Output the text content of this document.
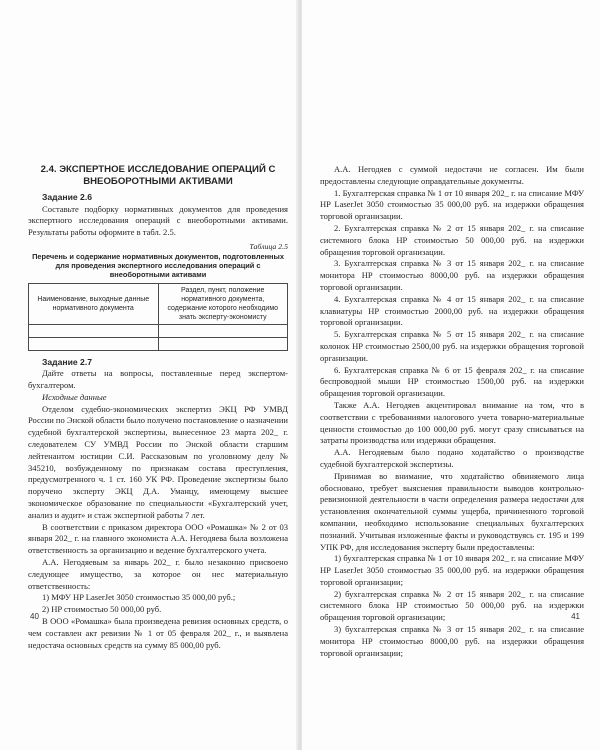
2.4. ЭКСПЕРТНОЕ ИССЛЕДОВАНИЕ ОПЕРАЦИЙ С ВНЕОБОРОТНЫМИ АКТИВАМИ
Задание 2.6

Составьте подборку нормативных документов для проведения экспертного исследования операций с внеоборотными активами. Результаты работы оформите в табл. 2.5.

Таблица 2.5
Перечень и содержание нормативных документов, подготовленных для проведения экспертного исследования операций с внеоборотными активами
Наименование, выходные данные нормативного документа	Раздел, пункт, положение нормативного документа, содержание которого необходимо знать эксперту-экономисту

Задание 2.7

Дайте ответы на вопросы, поставленные перед экспертом-бухгалтером.

Исходные данные

Отделом судебно-экономических экспертиз ЭКЦ РФ УМВД России по Энской области было получено постановление о назначении судебной бухгалтерской экспертизы, вынесенное 23 марта 202_ г. следователем СУ УМВД России по Энской области старшим лейтенантом юстиции С.И. Рассказовым по уголовному делу № 345210, возбужденному по признакам состава преступления, предусмотренного ч. 1 ст. 160 УК РФ. Проведение экспертизы было поручено эксперту ЭКЦ Д.А. Уманцу, имеющему высшее экономическое образование по специальности «Бухгалтерский учет, анализ и аудит» и стаж экспертной работы 7 лет.

В соответствии с приказом директора ООО «Ромашка» № 2 от 03 января 202_ г. на главного экономиста А.А. Негодяева была возложена ответственность за организацию и ведение бухгалтерского учета.

А.А. Негодяевым за январь 202_ г. было незаконно присвоено следующее имущество, за которое он нес материальную ответственность:

1) МФУ HP LaserJet 3050 стоимостью 35 000,00 руб.;

2) HP стоимостью 50 000,00 руб.

В ООО «Ромашка» была произведена ревизия основных средств, о чем составлен акт ревизии № 1 от 05 февраля 202_ г., и выявлена недостача основных средств на сумму 85 000,00 руб.

40

А.А. Негодяев с суммой недостачи не согласен. Им были предоставлены следующие оправдательные документы.

1. Бухгалтерская справка № 1 от 10 января 202_ г. на списание МФУ HP LaserJet 3050 стоимостью 35 000,00 руб. на издержки обращения торговой организации.

2. Бухгалтерская справка № 2 от 15 января 202_ г. на списание системного блока HP стоимостью 50 000,00 руб. на издержки обращения торговой организации.

3. Бухгалтерская справка № 3 от 15 января 202_ г. на списание монитора HP стоимостью 8000,00 руб. на издержки обращения торговой организации.

4. Бухгалтерская справка № 4 от 15 января 202_ г. на списание клавиатуры HP стоимостью 2000,00 руб. на издержки обращения торговой организации.

5. Бухгалтерская справка № 5 от 15 января 202_ г. на списание колонок HP стоимостью 2500,00 руб. на издержки обращения торговой организации.

6. Бухгалтерская справка № 6 от 15 февраля 202_ г. на списание беспроводной мыши HP стоимостью 1500,00 руб. на издержки обращения торговой организации.

Также А.А. Негодяев акцентировал внимание на том, что в соответствии с требованиями налогового учета товарно-материальные ценности стоимостью до 100 000,00 руб. могут сразу списываться на затраты производства или издержки обращения.

А.А. Негодяевым было подано ходатайство о производстве судебной бухгалтерской экспертизы.

Принимая во внимание, что ходатайство обвиняемого лица обосновано, требует выяснения правильности выводов контрольно-ревизионной деятельности в части определения размера недостачи для установления окончательной суммы ущерба, причиненного торговой компании, необходимо использование специальных бухгалтерских познаний. Учитывая изложенные факты и руководствуясь ст. 195 и 199 УПК РФ, для исследования эксперту были предоставлены:

1) бухгалтерская справка № 1 от 10 января 202_ г. на списание МФУ HP LaserJet 3050 стоимостью 35 000,00 руб. на издержки обращения торговой организации;

2) бухгалтерская справка № 2 от 15 января 202_ г. на списание системного блока HP стоимостью 50 000,00 руб. на издержки обращения торговой организации;

3) бухгалтерская справка № 3 от 15 января 202_ г. на списание монитора HP стоимостью 8000,00 руб. на издержки обращения торговой организации;

41
